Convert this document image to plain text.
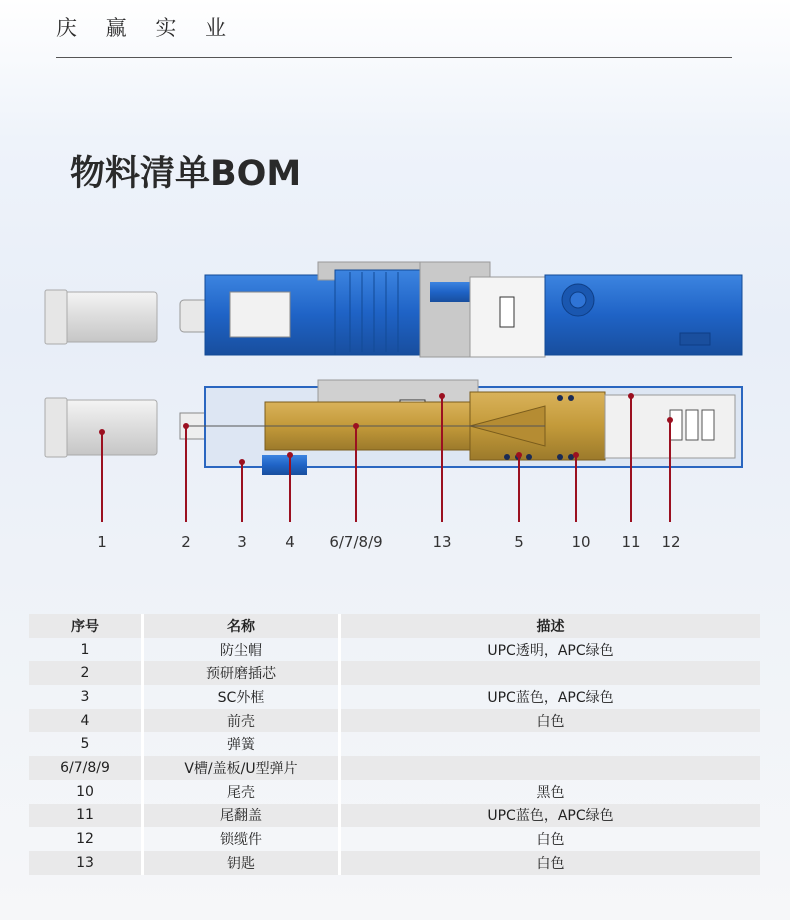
庆 赢 实 业
物料清单BOM
1	2	3	4 6/7/8/9	13	5	10 11 12
序号	名称	描述
1	防尘帽	UPC透明，APC绿色
2	预研磨插芯	
3	SC外框	UPC蓝色，APC绿色
4	前壳	白色
5	弹簧	
6/7/8/9	V槽/盖板/U型弹片	
10	尾壳	黑色
11	尾翻盖	UPC蓝色，APC绿色
12	锁缆件	白色
13	钥匙	白色
